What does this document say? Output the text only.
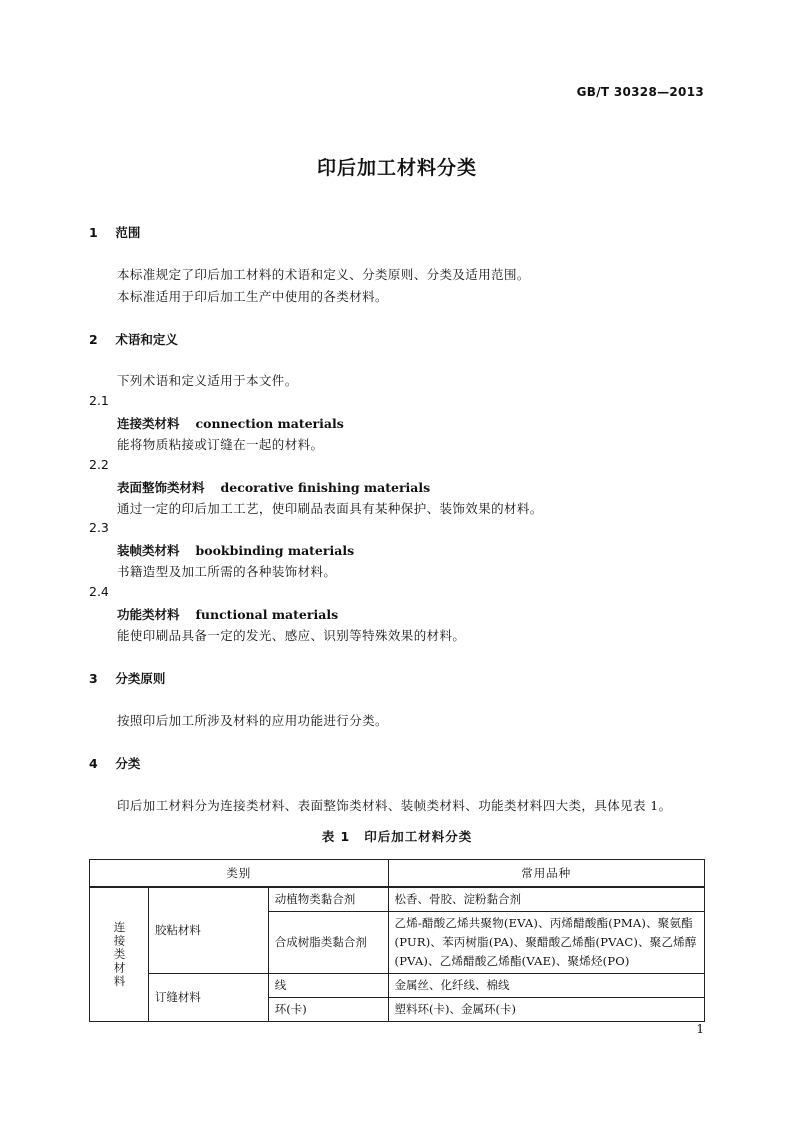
GB/T 30328—2013
印后加工材料分类
1 范围
本标准规定了印后加工材料的术语和定义、分类原则、分类及适用范围。
本标准适用于印后加工生产中使用的各类材料。
2 术语和定义
下列术语和定义适用于本文件。
2.1
连接类材料 connection materials
能将物质粘接或订缝在一起的材料。
2.2
表面整饰类材料 decorative finishing materials
通过一定的印后加工工艺，使印刷品表面具有某种保护、装饰效果的材料。
2.3
装帧类材料 bookbinding materials
书籍造型及加工所需的各种装饰材料。
2.4
功能类材料 functional materials
能使印刷品具备一定的发光、感应、识别等特殊效果的材料。
3 分类原则
按照印后加工所涉及材料的应用功能进行分类。
4 分类
印后加工材料分为连接类材料、表面整饰类材料、装帧类材料、功能类材料四大类，具体见表 1。
表 1 印后加工材料分类
类别			常用品种

连接类材料	胶粘材料	动植物类黏合剂	松香、骨胶、淀粉黏合剂
		合成树脂类黏合剂	乙烯-醋酸乙烯共聚物(EVA)、丙烯醋酸酯(PMA)、聚氨酯(PUR)、苯丙树脂(PA)、聚醋酸乙烯酯(PVAC)、聚乙烯醇(PVA)、乙烯醋酸乙烯酯(VAE)、聚烯烃(PO)
	订缝材料	线	金属丝、化纤线、棉线
		环(卡)	塑料环(卡)、金属环(卡)
1
